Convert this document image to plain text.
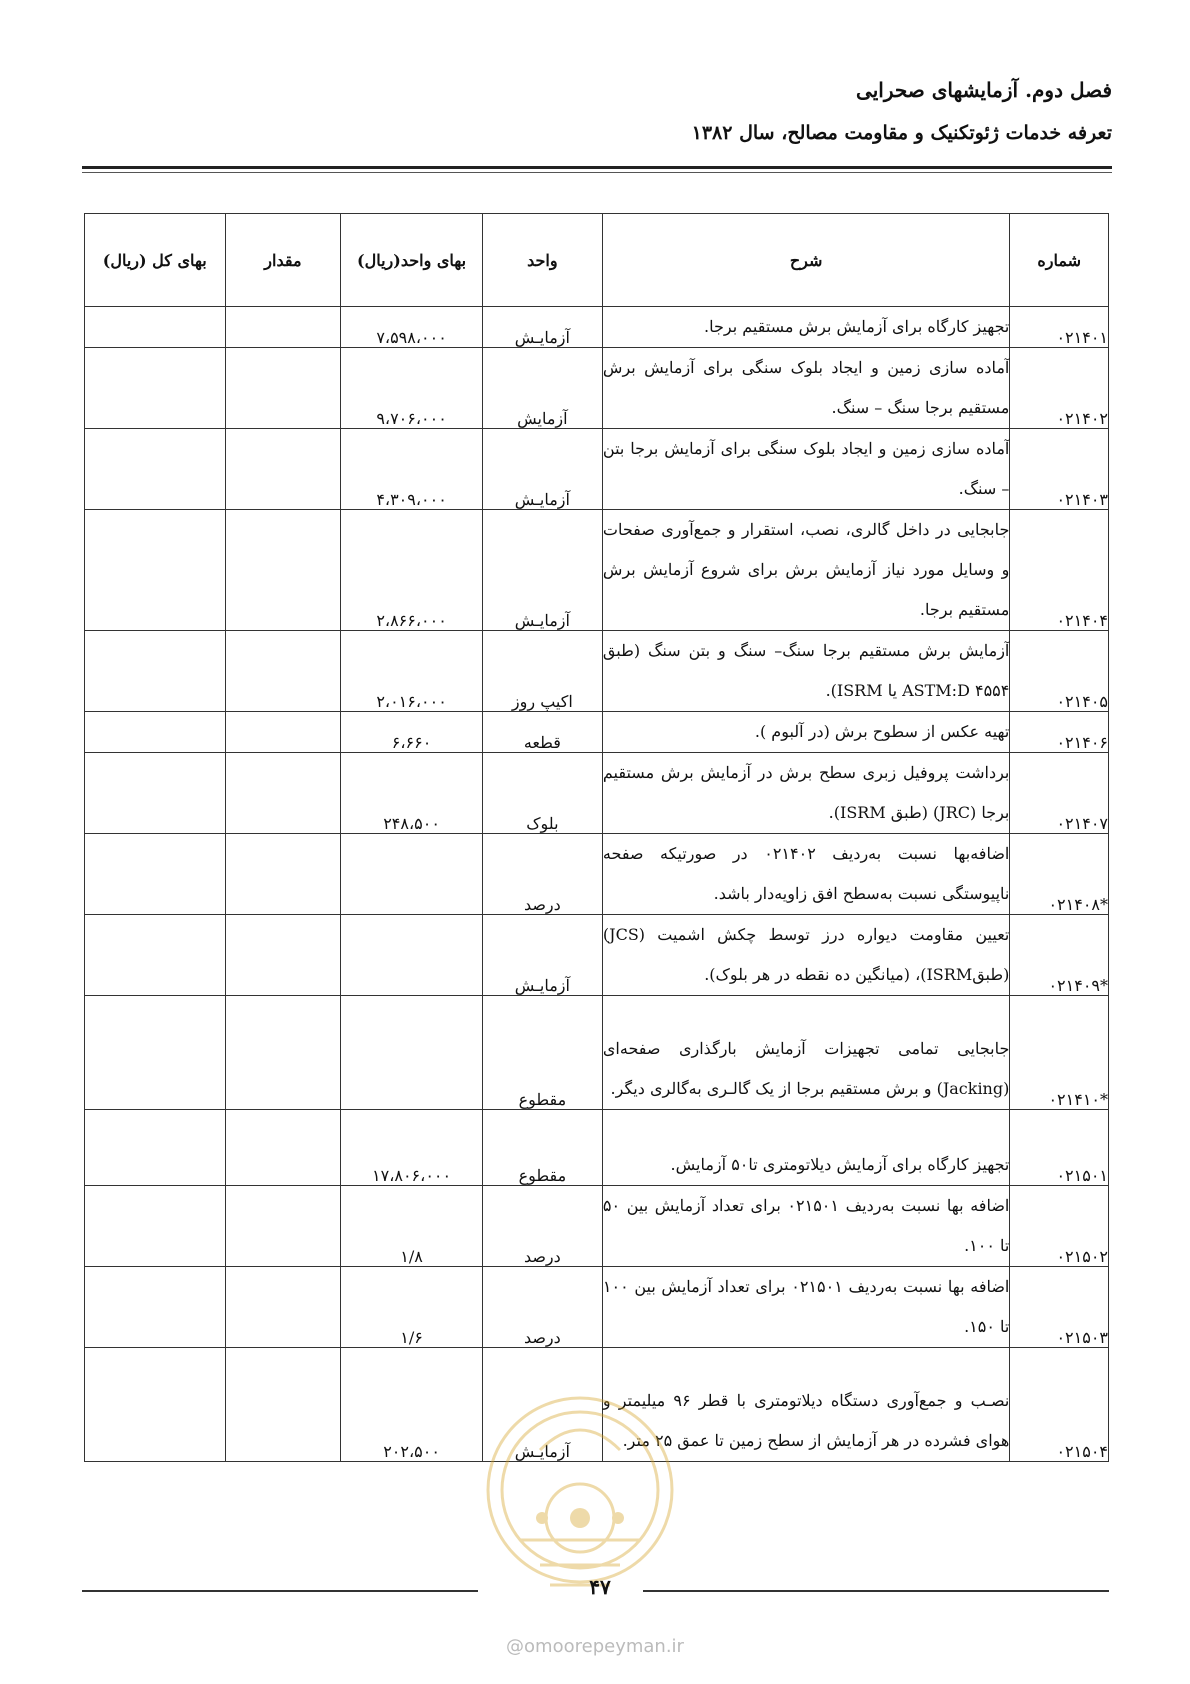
فصل دوم. آزمایشهای صحرایی
تعرفه خدمات ژئوتکنیک و مقاومت مصالح، سال ۱۳۸۲
شماره	شرح	واحد	بهای واحد(ریال)	مقدار	بهای کل (ریال)
۰۲۱۴۰۱	تجهیز کارگاه برای آزمایش برش مستقیم برجا.	آزمایـش	۷،۵۹۸،۰۰۰		
۰۲۱۴۰۲	آماده سازی زمین و ایجاد بلوک سنگی برای آزمایش برش مستقیم برجا سنگ – سنگ.	آزمایش	۹،۷۰۶،۰۰۰		
۰۲۱۴۰۳	آماده سازی زمین و ایجاد بلوک سنگی برای آزمایش برجا بتن – سنگ.	آزمایـش	۴،۳۰۹،۰۰۰		
۰۲۱۴۰۴	جابجایی در داخل گالری، نصب، استقرار و جمع‌آوری صفحات و وسایل مورد نیاز آزمایش برش برای شروع آزمایش برش مستقیم برجا.	آزمایـش	۲،۸۶۶،۰۰۰		
۰۲۱۴۰۵	آزمایش برش مستقیم برجا سنگ– سنگ و بتن سنگ (طبق ASTM:D ۴۵۵۴ یا ISRM).	اکیپ روز	۲،۰۱۶،۰۰۰		
۰۲۱۴۰۶	تهیه عکس از سطوح برش (در آلبوم ).	قطعه	۶،۶۶۰		
۰۲۱۴۰۷	برداشت پروفیل زبری سطح برش در آزمایش برش مستقیم برجا (JRC) (طبق ISRM).	بلوک	۲۴۸،۵۰۰		
*۰۲۱۴۰۸	اضافه‌بها نسبت به‌ردیف ۰۲۱۴۰۲ در صورتیکه صفحه ناپیوستگی نسبت به‌سطح افق زاویه‌دار باشد.	درصد			
*۰۲۱۴۰۹	تعیین مقاومت دیواره درز توسط چکش اشمیت (JCS) (طبقISRM)، (میانگین ده نقطه در هر بلوک).	آزمایـش			
*۰۲۱۴۱۰	جابجایی تمامی تجهیزات آزمایش بارگذاری صفحه‌ای (Jacking) و برش مستقیم برجا از یک گالـری به‌گالری دیگر.	مقطوع			
۰۲۱۵۰۱	تجهیز کارگاه برای آزمایش دیلاتومتری تا۵۰ آزمایش.	مقطوع	۱۷،۸۰۶،۰۰۰		
۰۲۱۵۰۲	اضافه بها نسبت به‌ردیف ۰۲۱۵۰۱ برای تعداد آزمایش بین ۵۰ تا ۱۰۰.	درصد	۱/۸		
۰۲۱۵۰۳	اضافه بها نسبت به‌ردیف ۰۲۱۵۰۱ برای تعداد آزمایش بین ۱۰۰ تا ۱۵۰.	درصد	۱/۶		
۰۲۱۵۰۴	نصـب و جمع‌آوری دستگاه دیلاتومتری با قطر ۹۶ میلیمتر و هوای فشرده در هر آزمایش از سطح زمین تا عمق ۲۵ متر.	آزمایـش	۲۰۲،۵۰۰		
۴۷
@omoorepeyman.ir
